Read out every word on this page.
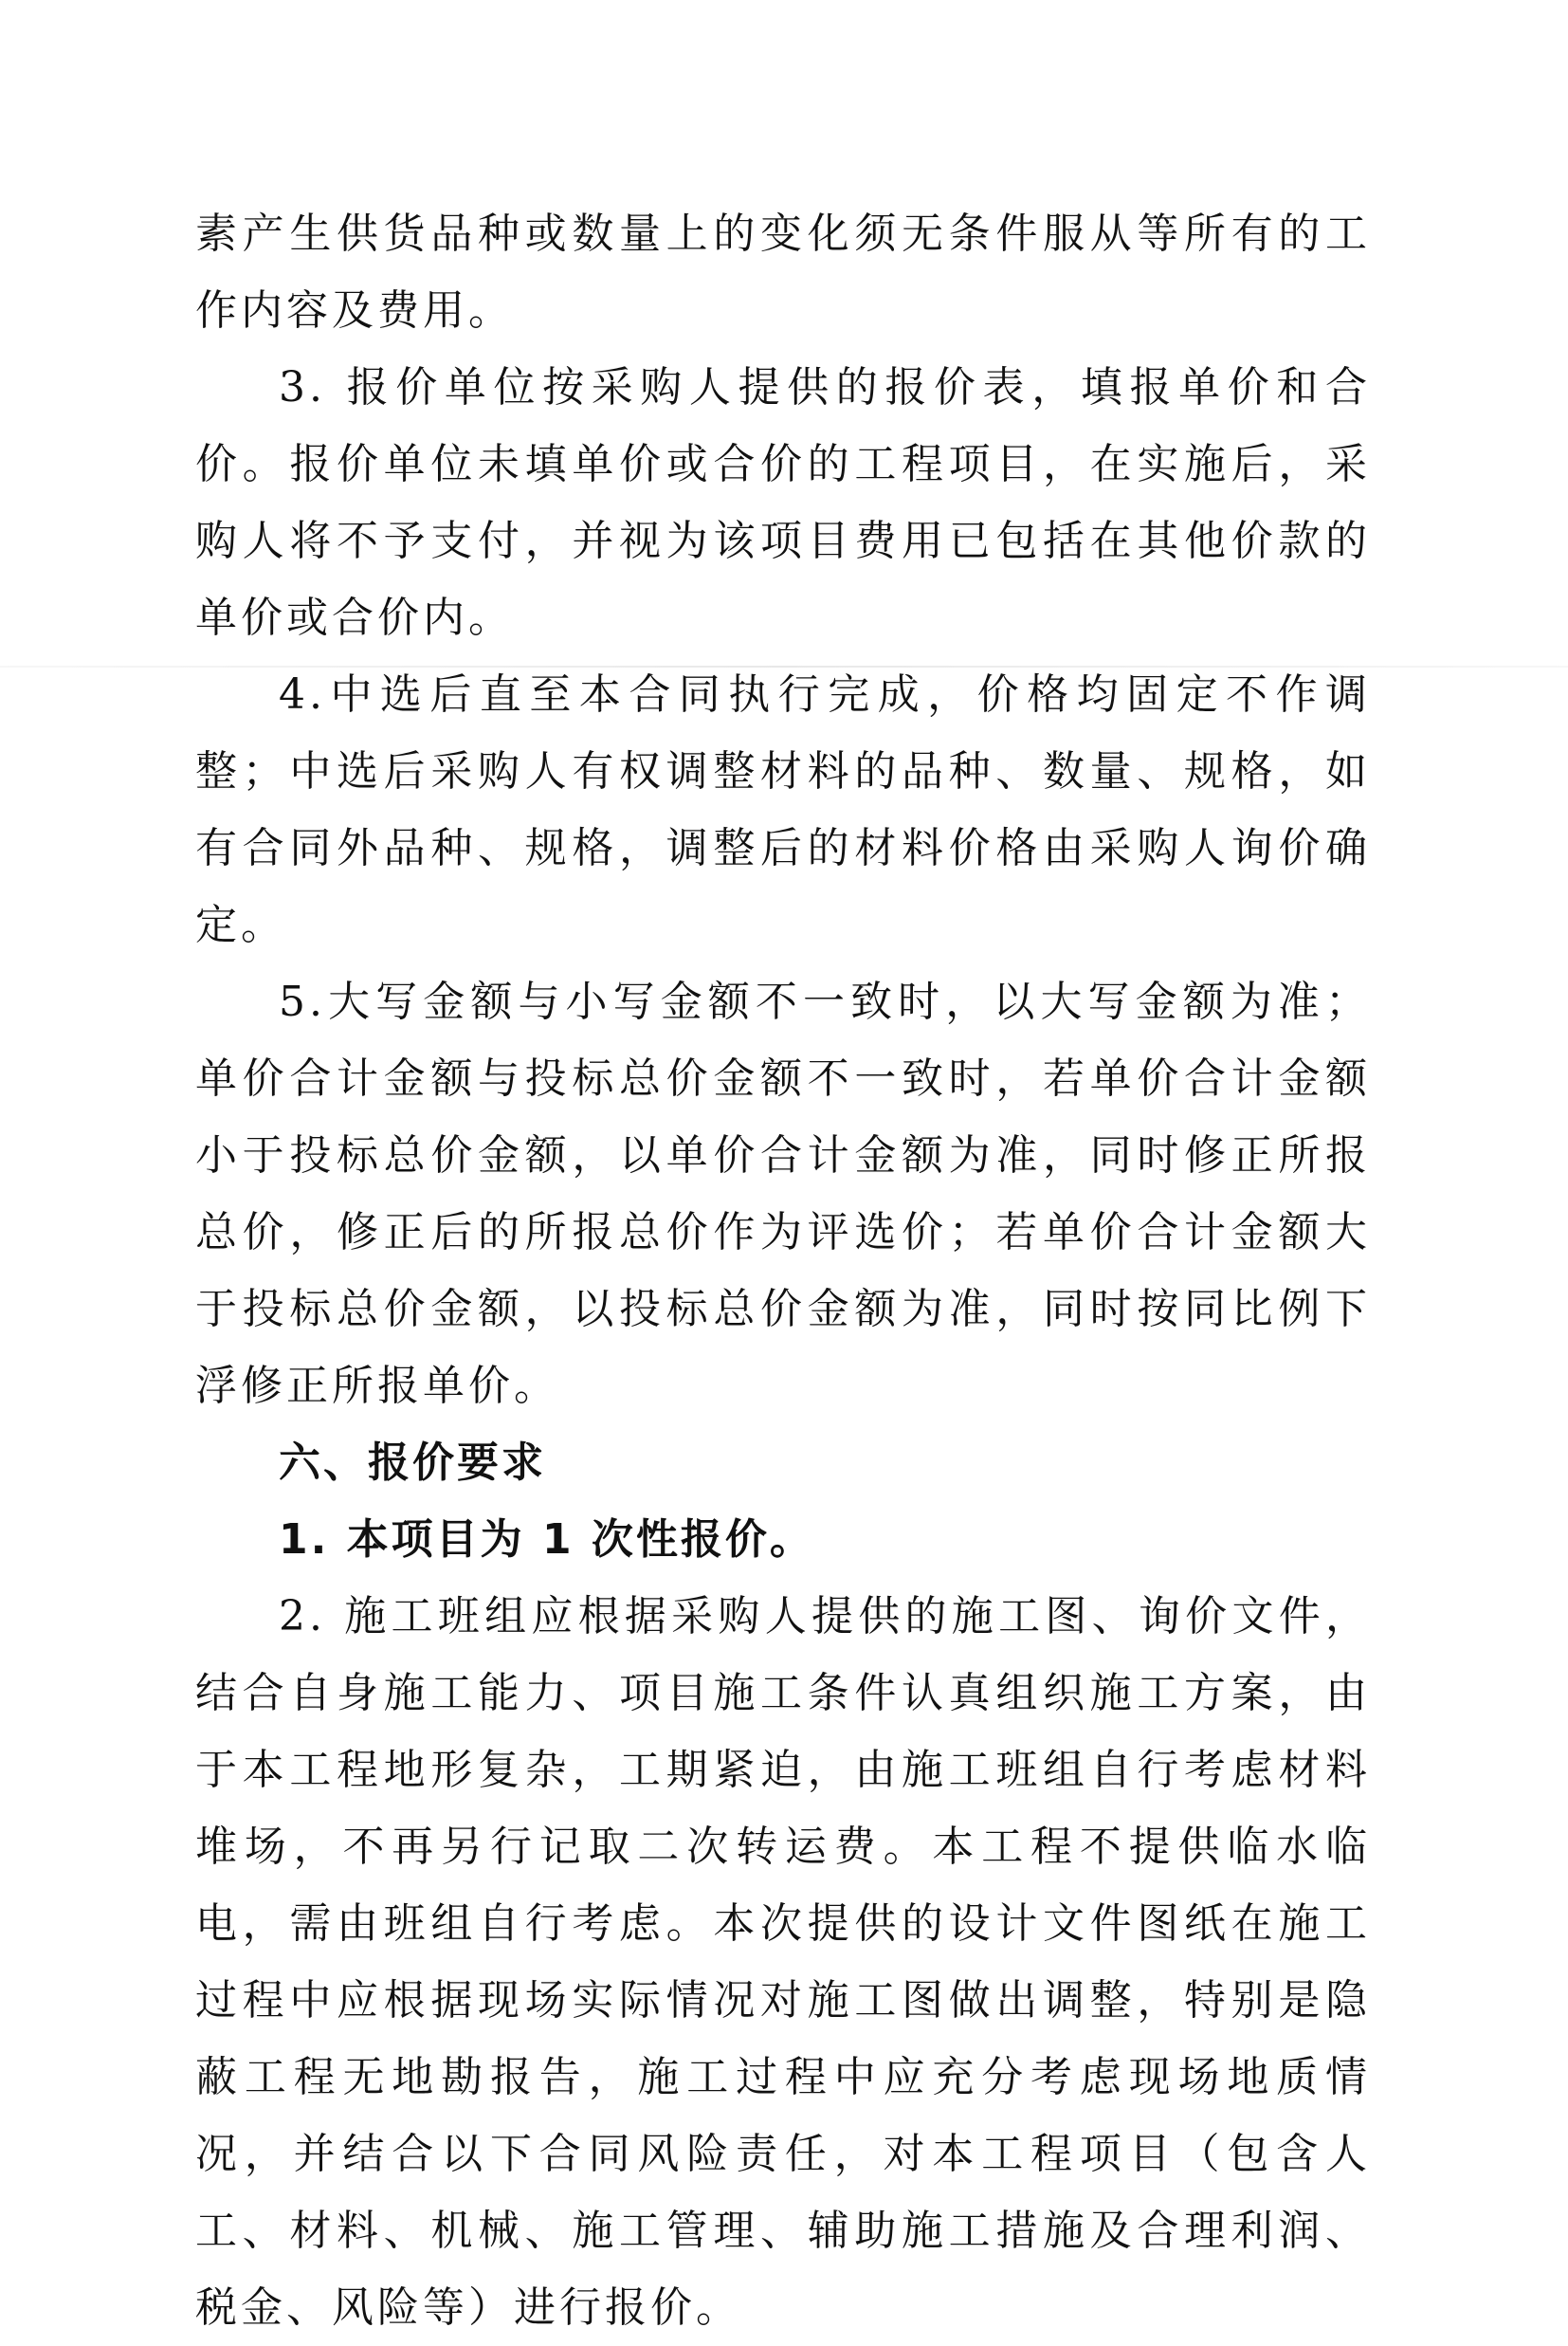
素产生供货品种或数量上的变化须无条件服从等所有的工作内容及费用。

3. 报价单位按采购人提供的报价表，填报单价和合价。报价单位未填单价或合价的工程项目，在实施后，采购人将不予支付，并视为该项目费用已包括在其他价款的单价或合价内。

4.中选后直至本合同执行完成，价格均固定不作调整；中选后采购人有权调整材料的品种、数量、规格，如有合同外品种、规格，调整后的材料价格由采购人询价确定。

5.大写金额与小写金额不一致时，以大写金额为准；单价合计金额与投标总价金额不一致时，若单价合计金额小于投标总价金额，以单价合计金额为准，同时修正所报总价，修正后的所报总价作为评选价；若单价合计金额大于投标总价金额，以投标总价金额为准，同时按同比例下浮修正所报单价。

六、报价要求

1. 本项目为 1 次性报价。

2. 施工班组应根据采购人提供的施工图、询价文件，结合自身施工能力、项目施工条件认真组织施工方案，由于本工程地形复杂，工期紧迫，由施工班组自行考虑材料堆场，不再另行记取二次转运费。本工程不提供临水临电，需由班组自行考虑。本次提供的设计文件图纸在施工过程中应根据现场实际情况对施工图做出调整，特别是隐蔽工程无地勘报告，施工过程中应充分考虑现场地质情况，并结合以下合同风险责任，对本工程项目（包含人工、材料、机械、施工管理、辅助施工措施及合理利润、税金、风险等）进行报价。
